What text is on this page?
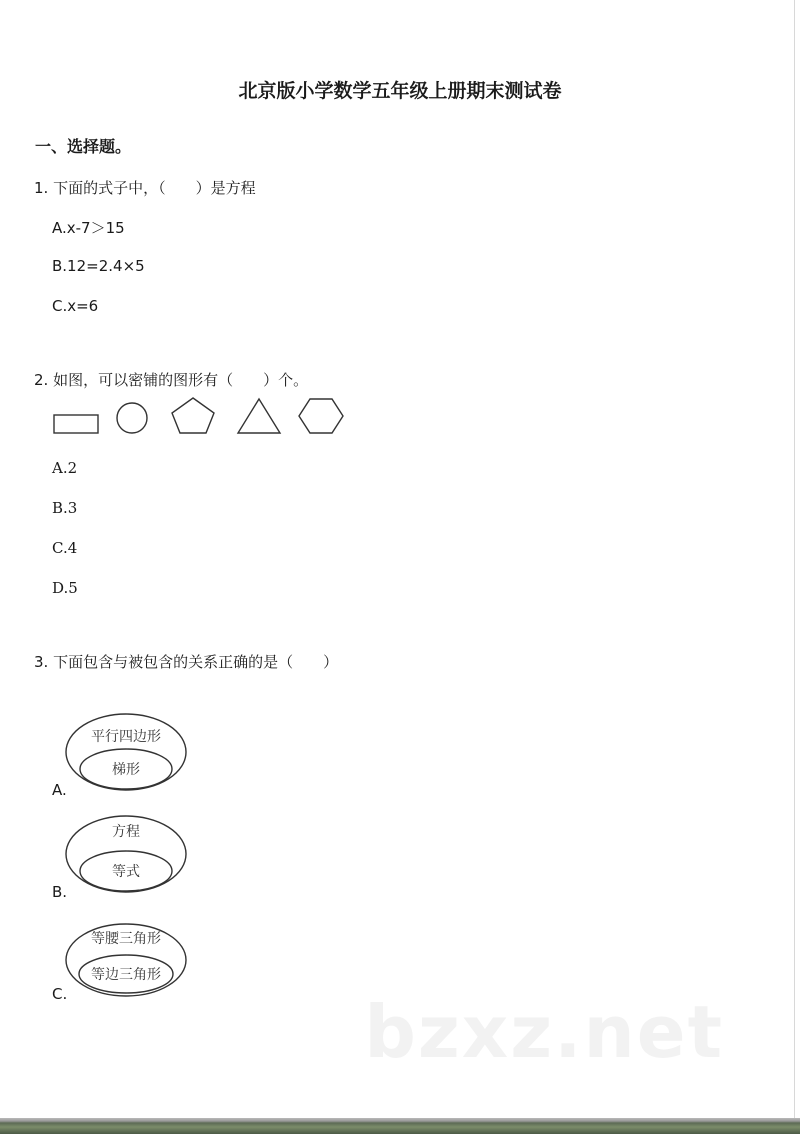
北京版小学数学五年级上册期末测试卷
一、选择题。
1. 下面的式子中，（　　）是方程
A.x-7＞15
B.12=2.4×5
C.x=6
2. 如图，可以密铺的图形有（　　）个。
A.2
B.3
C.4
D.5
3. 下面包含与被包含的关系正确的是（　　）
A.
平行四边形
梯形
B.
方程
等式
C.
等腰三角形
等边三角形
bzxz.net
